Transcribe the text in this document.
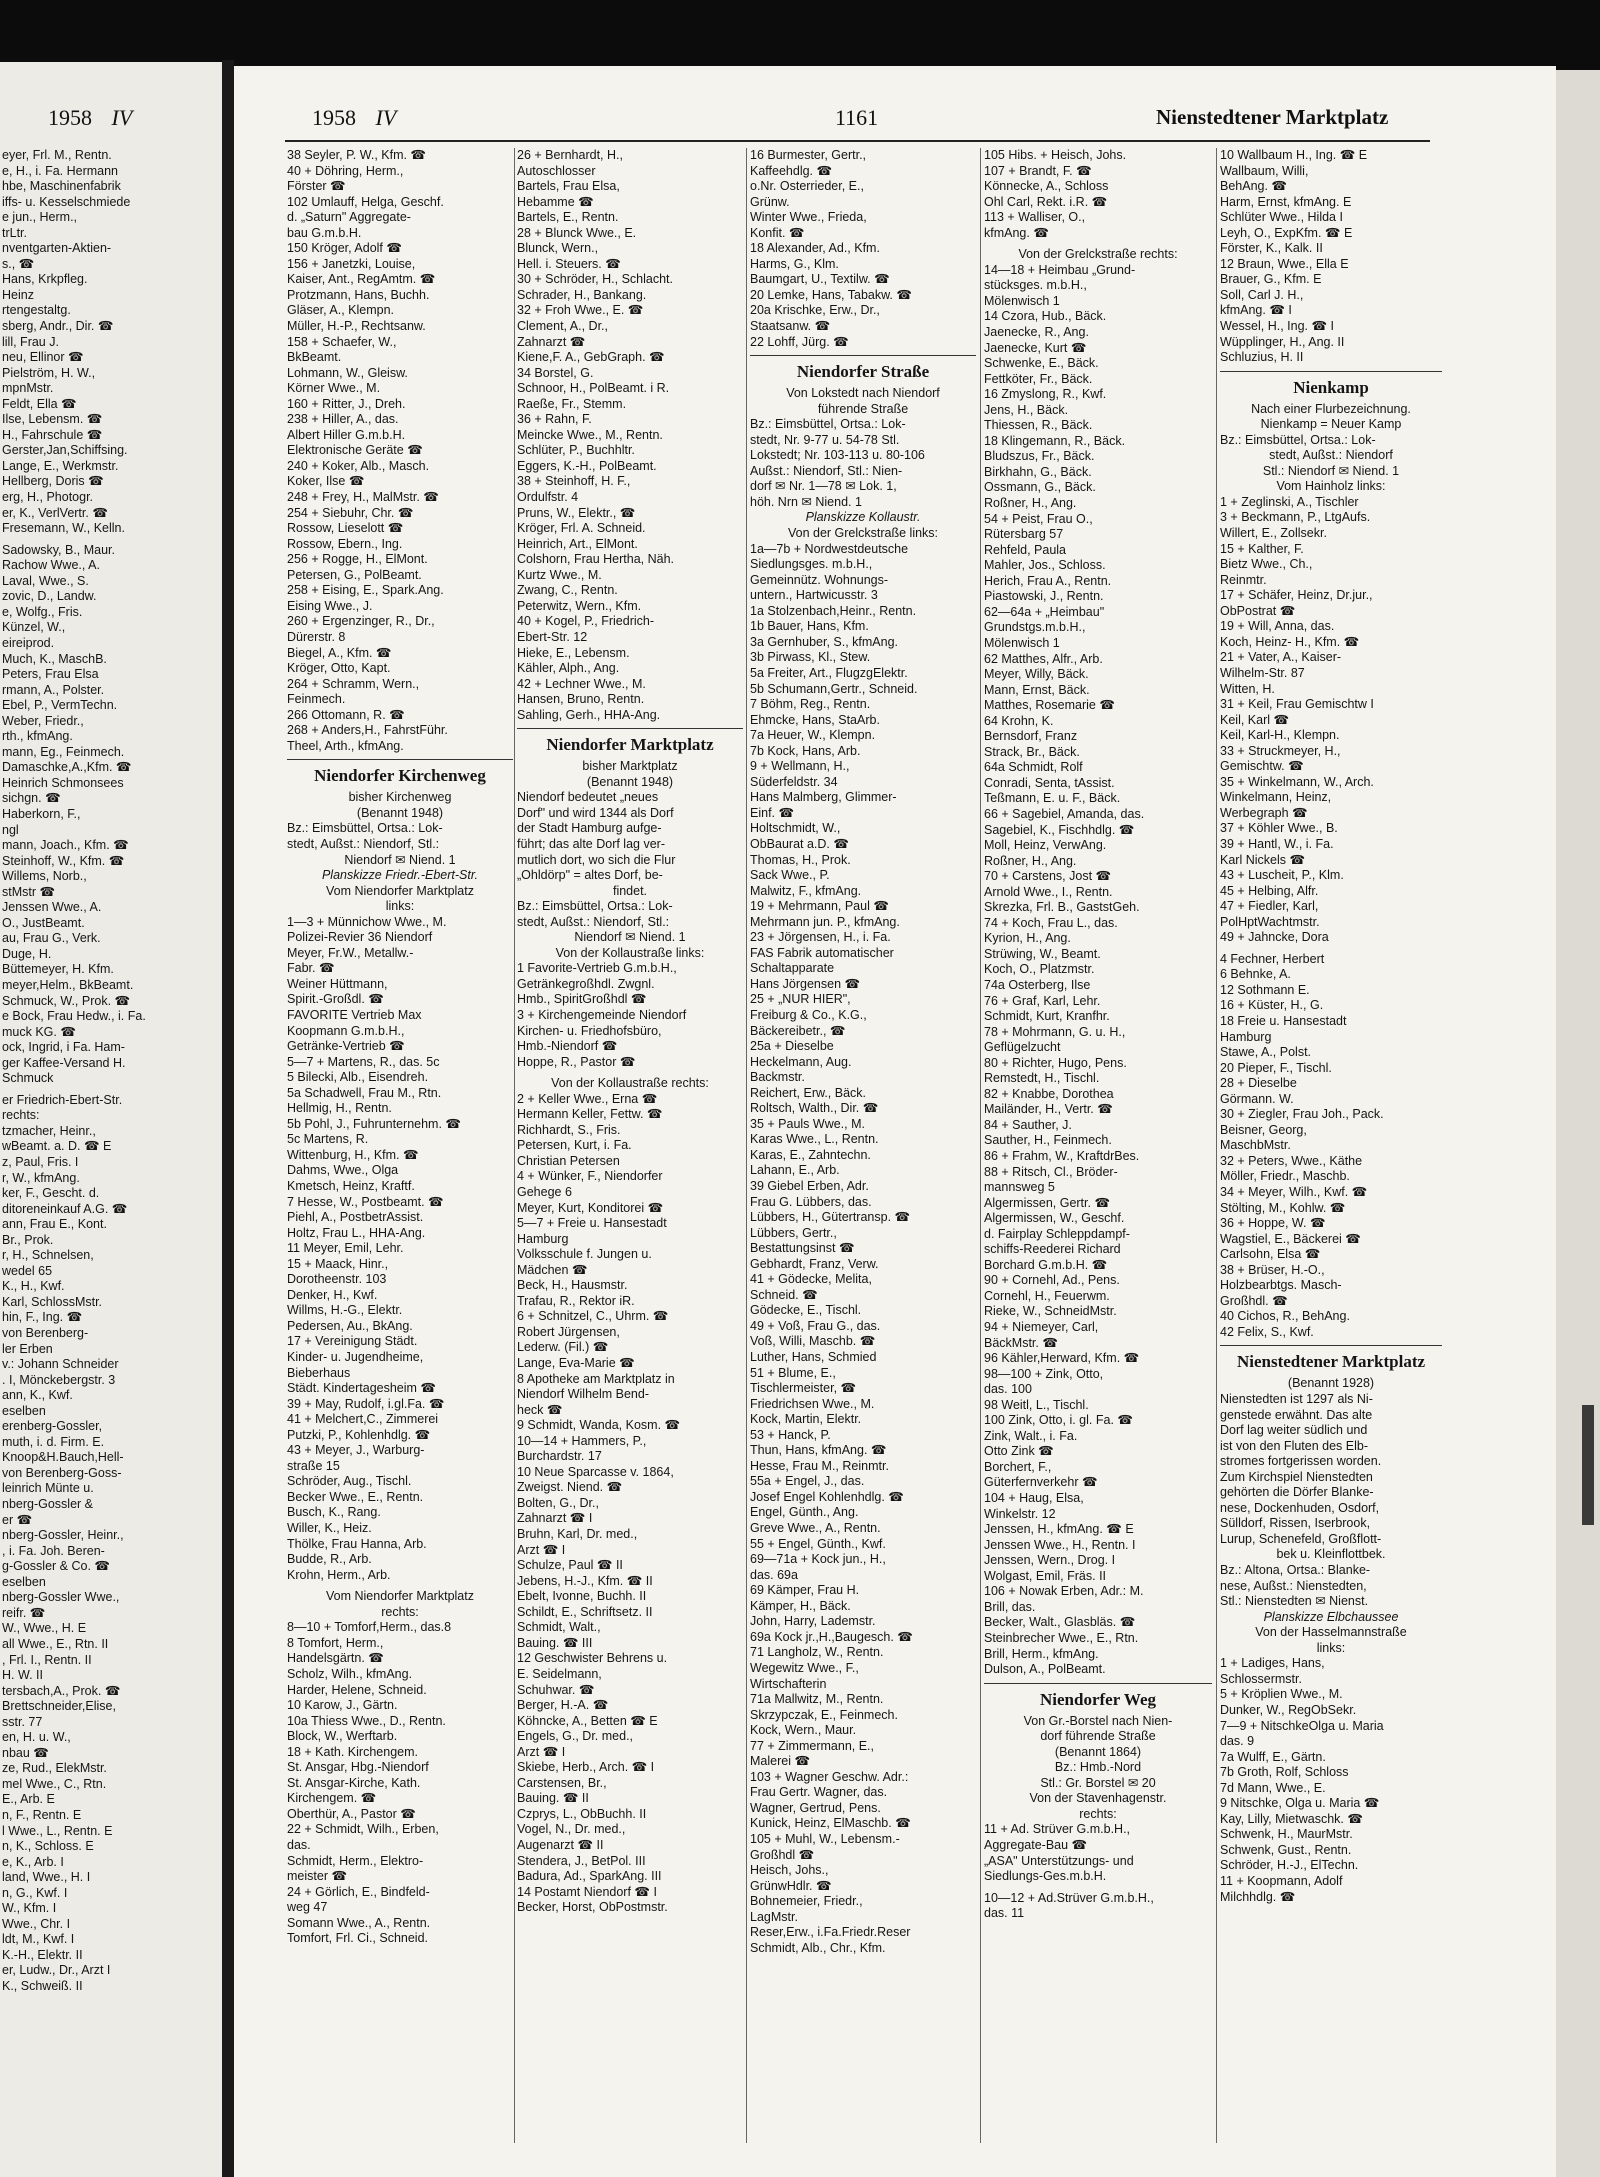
1958 IV	1958 IV	1161	Nienstedtener Marktplatz
eyer, Frl. M., Rentn.
e, H., i. Fa. Hermann
hbe, Maschinenfabrik
iffs- u. Kesselschmiede
e jun., Herm.,
trLtr.
nventgarten-Aktien-
s., ☎
Hans, Krkpfleg.
Heinz
rtengestaltg.
sberg, Andr., Dir. ☎
lill, Frau J.
neu, Ellinor ☎
Pielström, H. W.,
mpnMstr.
Feldt, Ella ☎
Ilse, Lebensm. ☎
H., Fahrschule ☎
Gerster,Jan,Schiffsing.
Lange, E., Werkmstr.
Hellberg, Doris ☎
erg, H., Photogr.
er, K., VerlVertr. ☎
Fresemann, W., Kelln.
Sadowsky, B., Maur.
Rachow Wwe., A.
Laval, Wwe., S.
zovic, D., Landw.
e, Wolfg., Fris.
Künzel, W.,
eireiprod.
Much, K., MaschB.
Peters, Frau Elsa
rmann, A., Polster.
Ebel, P., VermTechn.
Weber, Friedr.,
rth., kfmAng.
mann, Eg., Feinmech.
Damaschke,A.,Kfm. ☎
Heinrich Schmonsees
sichgn. ☎
Haberkorn, F.,
ngl
mann, Joach., Kfm. ☎
Steinhoff, W., Kfm. ☎
Willems, Norb.,
stMstr ☎
Jenssen Wwe., A.
O., JustBeamt.
au, Frau G., Verk.
Duge, H.
Büttemeyer, H. Kfm.
meyer,Helm., BkBeamt.
Schmuck, W., Prok. ☎
e Bock, Frau Hedw., i. Fa.
muck KG. ☎
ock, Ingrid, i Fa. Ham-
ger Kaffee-Versand H.
Schmuck
er Friedrich-Ebert-Str.
rechts:
tzmacher, Heinr.,
wBeamt. a. D. ☎ E
z, Paul, Fris. I
r, W., kfmAng.
ker, F., Gescht. d.
ditoreneinkauf A.G. ☎
ann, Frau E., Kont.
Br., Prok.
r, H., Schnelsen,
wedel 65
K., H., Kwf.
Karl, SchlossMstr.
hin, F., Ing. ☎
von Berenberg-
ler Erben
v.: Johann Schneider
. I, Mönckebergstr. 3
ann, K., Kwf.
eselben
erenberg-Gossler,
muth, i. d. Firm. E.
Knoop&H.Bauch,Hell-
von Berenberg-Goss-
leinrich Münte u.
nberg-Gossler &
er ☎
nberg-Gossler, Heinr.,
, i. Fa. Joh. Beren-
g-Gossler & Co. ☎
eselben
nberg-Gossler Wwe.,
reifr. ☎
W., Wwe., H. E
all Wwe., E., Rtn. II
, Frl. I., Rentn. II
H. W. II
tersbach,A., Prok. ☎
Brettschneider,Elise,
sstr. 77
en, H. u. W.,
nbau ☎
ze, Rud., ElekMstr.
mel Wwe., C., Rtn.
E., Arb. E
n, F., Rentn. E
l Wwe., L., Rentn. E
n, K., Schloss. E
e, K., Arb. I
land, Wwe., H. I
n, G., Kwf. I
W., Kfm. I
Wwe., Chr. I
ldt, M., Kwf. I
K.-H., Elektr. II
er, Ludw., Dr., Arzt I
K., Schweiß. II
38 Seyler, P. W., Kfm. ☎
40 + Döhring, Herm.,
Förster ☎
102 Umlauff, Helga, Geschf.
d. „Saturn" Aggregate-
bau G.m.b.H.
150 Kröger, Adolf ☎
156 + Janetzki, Louise,
Kaiser, Ant., RegAmtm. ☎
Protzmann, Hans, Buchh.
Gläser, A., Klempn.
Müller, H.-P., Rechtsanw.
158 + Schaefer, W.,
BkBeamt.
Lohmann, W., Gleisw.
Körner Wwe., M.
160 + Ritter, J., Dreh.
238 + Hiller, A., das.
Albert Hiller G.m.b.H.
Elektronische Geräte ☎
240 + Koker, Alb., Masch.
Koker, Ilse ☎
248 + Frey, H., MalMstr. ☎
254 + Siebuhr, Chr. ☎
Rossow, Lieselott ☎
Rossow, Ebern., Ing.
256 + Rogge, H., ElMont.
Petersen, G., PolBeamt.
258 + Eising, E., Spark.Ang.
Eising Wwe., J.
260 + Ergenzinger, R., Dr.,
Dürerstr. 8
Biegel, A., Kfm. ☎
Kröger, Otto, Kapt.
264 + Schramm, Wern.,
Feinmech.
266 Ottomann, R. ☎
268 + Anders,H., FahrstFühr.
Theel, Arth., kfmAng.
Niendorfer Kirchenweg
bisher Kirchenweg
(Benannt 1948)
Bz.: Eimsbüttel, Ortsa.: Lok-
stedt, Außst.: Niendorf, Stl.:
Niendorf ✉ Niend. 1
Planskizze Friedr.-Ebert-Str.
Vom Niendorfer Marktplatz
links:
1—3 + Münnichow Wwe., M.
Polizei-Revier 36 Niendorf
Meyer, Fr.W., Metallw.-
Fabr. ☎
Weiner Hüttmann,
Spirit.-Großdl. ☎
FAVORITE Vertrieb Max
Koopmann G.m.b.H.,
Getränke-Vertrieb ☎
5—7 + Martens, R., das. 5c
5 Bilecki, Alb., Eisendreh.
5a Schadwell, Frau M., Rtn.
Hellmig, H., Rentn.
5b Pohl, J., Fuhrunternehm. ☎
5c Martens, R.
Wittenburg, H., Kfm. ☎
Dahms, Wwe., Olga
Kmetsch, Heinz, Kraftf.
7 Hesse, W., Postbeamt. ☎
Piehl, A., PostbetrAssist.
Holtz, Frau L., HHA-Ang.
11 Meyer, Emil, Lehr.
15 + Maack, Hinr.,
Dorotheenstr. 103
Denker, H., Kwf.
Willms, H.-G., Elektr.
Pedersen, Au., BkAng.
17 + Vereinigung Städt.
Kinder- u. Jugendheime,
Bieberhaus
Städt. Kindertagesheim ☎
39 + May, Rudolf, i.gl.Fa. ☎
41 + Melchert,C., Zimmerei
Putzki, P., Kohlenhdlg. ☎
43 + Meyer, J., Warburg-
straße 15
Schröder, Aug., Tischl.
Becker Wwe., E., Rentn.
Busch, K., Rang.
Willer, K., Heiz.
Thölke, Frau Hanna, Arb.
Budde, R., Arb.
Krohn, Herm., Arb.
Vom Niendorfer Marktplatz
rechts:
8—10 + Tomforf,Herm., das.8
8 Tomfort, Herm.,
Handelsgärtn. ☎
Scholz, Wilh., kfmAng.
Harder, Helene, Schneid.
10 Karow, J., Gärtn.
10a Thiess Wwe., D., Rentn.
Block, W., Werftarb.
18 + Kath. Kirchengem.
St. Ansgar, Hbg.-Niendorf
St. Ansgar-Kirche, Kath.
Kirchengem. ☎
Oberthür, A., Pastor ☎
22 + Schmidt, Wilh., Erben,
das.
Schmidt, Herm., Elektro-
meister ☎
24 + Görlich, E., Bindfeld-
weg 47
Somann Wwe., A., Rentn.
Tomfort, Frl. Ci., Schneid.
26 + Bernhardt, H.,
Autoschlosser
Bartels, Frau Elsa,
Hebamme ☎
Bartels, E., Rentn.
28 + Blunck Wwe., E.
Blunck, Wern.,
Hell. i. Steuers. ☎
30 + Schröder, H., Schlacht.
Schrader, H., Bankang.
32 + Froh Wwe., E. ☎
Clement, A., Dr.,
Zahnarzt ☎
Kiene,F. A., GebGraph. ☎
34 Borstel, G.
Schnoor, H., PolBeamt. i R.
Raeße, Fr., Stemm.
36 + Rahn, F.
Meincke Wwe., M., Rentn.
Schlüter, P., Buchhltr.
Eggers, K.-H., PolBeamt.
38 + Steinhoff, H. F.,
Ordulfstr. 4
Pruns, W., Elektr., ☎
Kröger, Frl. A. Schneid.
Heinrich, Art., ElMont.
Colshorn, Frau Hertha, Näh.
Kurtz Wwe., M.
Zwang, C., Rentn.
Peterwitz, Wern., Kfm.
40 + Kogel, P., Friedrich-
Ebert-Str. 12
Hieke, E., Lebensm.
Kähler, Alph., Ang.
42 + Lechner Wwe., M.
Hansen, Bruno, Rentn.
Sahling, Gerh., HHA-Ang.
Niendorfer Marktplatz
bisher Marktplatz
(Benannt 1948)
Niendorf bedeutet „neues
Dorf" und wird 1344 als Dorf
der Stadt Hamburg aufge-
führt; das alte Dorf lag ver-
mutlich dort, wo sich die Flur
„Ohldörp" = altes Dorf, be-
findet.
Bz.: Eimsbüttel, Ortsa.: Lok-
stedt, Außst.: Niendorf, Stl.:
Niendorf ✉ Niend. 1
Von der Kollaustraße links:
1 Favorite-Vertrieb G.m.b.H.,
Getränkegroßhdl. Zwgnl.
Hmb., SpiritGroßhdl ☎
3 + Kirchengemeinde Niendorf
Kirchen- u. Friedhofsbüro,
Hmb.-Niendorf ☎
Hoppe, R., Pastor ☎
Von der Kollaustraße rechts:
2 + Keller Wwe., Erna ☎
Hermann Keller, Fettw. ☎
Richhardt, S., Fris.
Petersen, Kurt, i. Fa.
Christian Petersen
4 + Wünker, F., Niendorfer
Gehege 6
Meyer, Kurt, Konditorei ☎
5—7 + Freie u. Hansestadt
Hamburg
Volksschule f. Jungen u.
Mädchen ☎
Beck, H., Hausmstr.
Trafau, R., Rektor iR.
6 + Schnitzel, C., Uhrm. ☎
Robert Jürgensen,
Lederw. (Fil.) ☎
Lange, Eva-Marie ☎
8 Apotheke am Marktplatz in
Niendorf Wilhelm Bend-
heck ☎
9 Schmidt, Wanda, Kosm. ☎
10—14 + Hammers, P.,
Burchardstr. 17
10 Neue Sparcasse v. 1864,
Zweigst. Niend. ☎
Bolten, G., Dr.,
Zahnarzt ☎ I
Bruhn, Karl, Dr. med.,
Arzt ☎ I
Schulze, Paul ☎ II
Jebens, H.-J., Kfm. ☎ II
Ebelt, Ivonne, Buchh. II
Schildt, E., Schriftsetz. II
Schmidt, Walt.,
Bauing. ☎ III
12 Geschwister Behrens u.
E. Seidelmann,
Schuhwar. ☎
Berger, H.-A. ☎
Köhncke, A., Betten ☎ E
Engels, G., Dr. med.,
Arzt ☎ I
Skiebe, Herb., Arch. ☎ I
Carstensen, Br.,
Bauing. ☎ II
Czprys, L., ObBuchh. II
Vogel, N., Dr. med.,
Augenarzt ☎ II
Stendera, J., BetPol. III
Badura, Ad., SparkAng. III
14 Postamt Niendorf ☎ I
Becker, Horst, ObPostmstr.
16 Burmester, Gertr.,
Kaffeehdlg. ☎
o.Nr. Osterrieder, E.,
Grünw.
Winter Wwe., Frieda,
Konfit. ☎
18 Alexander, Ad., Kfm.
Harms, G., Klm.
Baumgart, U., Textilw. ☎
20 Lemke, Hans, Tabakw. ☎
20a Krischke, Erw., Dr.,
Staatsanw. ☎
22 Lohff, Jürg. ☎
Niendorfer Straße
Von Lokstedt nach Niendorf
führende Straße
Bz.: Eimsbüttel, Ortsa.: Lok-
stedt, Nr. 9-77 u. 54-78 Stl.
Lokstedt; Nr. 103-113 u. 80-106
Außst.: Niendorf, Stl.: Nien-
dorf ✉ Nr. 1—78 ✉ Lok. 1,
höh. Nrn ✉ Niend. 1
Planskizze Kollaustr.
Von der Grelckstraße links:
1a—7b + Nordwestdeutsche
Siedlungsges. m.b.H.,
Gemeinnütz. Wohnungs-
untern., Hartwicusstr. 3
1a Stolzenbach,Heinr., Rentn.
1b Bauer, Hans, Kfm.
3a Gernhuber, S., kfmAng.
3b Pirwass, Kl., Stew.
5a Freiter, Art., FlugzgElektr.
5b Schumann,Gertr., Schneid.
7 Böhm, Reg., Rentn.
Ehmcke, Hans, StaArb.
7a Heuer, W., Klempn.
7b Kock, Hans, Arb.
9 + Wellmann, H.,
Süderfeldstr. 34
Hans Malmberg, Glimmer-
Einf. ☎
Holtschmidt, W.,
ObBaurat a.D. ☎
Thomas, H., Prok.
Sack Wwe., P.
Malwitz, F., kfmAng.
19 + Mehrmann, Paul ☎
Mehrmann jun. P., kfmAng.
23 + Jörgensen, H., i. Fa.
FAS Fabrik automatischer
Schaltapparate
Hans Jörgensen ☎
25 + „NUR HIER",
Freiburg & Co., K.G.,
Bäckereibetr., ☎
25a + Dieselbe
Heckelmann, Aug.
Backmstr.
Reichert, Erw., Bäck.
Roltsch, Walth., Dir. ☎
35 + Pauls Wwe., M.
Karas Wwe., L., Rentn.
Karas, E., Zahntechn.
Lahann, E., Arb.
39 Giebel Erben, Adr.
Frau G. Lübbers, das.
Lübbers, H., Gütertransp. ☎
Lübbers, Gertr.,
Bestattungsinst ☎
Gebhardt, Franz, Verw.
41 + Gödecke, Melita,
Schneid. ☎
Gödecke, E., Tischl.
49 + Voß, Frau G., das.
Voß, Willi, Maschb. ☎
Luther, Hans, Schmied
51 + Blume, E.,
Tischlermeister, ☎
Friedrichsen Wwe., M.
Kock, Martin, Elektr.
53 + Hanck, P.
Thun, Hans, kfmAng. ☎
Hesse, Frau M., Reinmtr.
55a + Engel, J., das.
Josef Engel Kohlenhdlg. ☎
Engel, Günth., Ang.
Greve Wwe., A., Rentn.
55 + Engel, Günth., Kwf.
69—71a + Kock jun., H.,
das. 69a
69 Kämper, Frau H.
Kämper, H., Bäck.
John, Harry, Lademstr.
69a Kock jr.,H.,Baugesch. ☎
71 Langholz, W., Rentn.
Wegewitz Wwe., F.,
Wirtschafterin
71a Mallwitz, M., Rentn.
Skrzypczak, E., Feinmech.
Kock, Wern., Maur.
77 + Zimmermann, E.,
Malerei ☎
103 + Wagner Geschw. Adr.:
Frau Gertr. Wagner, das.
Wagner, Gertrud, Pens.
Kunick, Heinz, ElMaschb. ☎
105 + Muhl, W., Lebensm.-
Großhdl ☎
Heisch, Johs.,
GrünwHdlr. ☎
Bohnemeier, Friedr.,
LagMstr.
Reser,Erw., i.Fa.Friedr.Reser
Schmidt, Alb., Chr., Kfm.
105 Hibs. + Heisch, Johs.
107 + Brandt, F. ☎
Könnecke, A., Schloss
Ohl Carl, Rekt. i.R. ☎
113 + Walliser, O.,
kfmAng. ☎
Von der Grelckstraße rechts:
14—18 + Heimbau „Grund-
stücksges. m.b.H.,
Mölenwisch 1
14 Czora, Hub., Bäck.
Jaenecke, R., Ang.
Jaenecke, Kurt ☎
Schwenke, E., Bäck.
Fettköter, Fr., Bäck.
16 Zmyslong, R., Kwf.
Jens, H., Bäck.
Thiessen, R., Bäck.
18 Klingemann, R., Bäck.
Bludszus, Fr., Bäck.
Birkhahn, G., Bäck.
Ossmann, G., Bäck.
Roßner, H., Ang.
54 + Peist, Frau O.,
Rütersbarg 57
Rehfeld, Paula
Mahler, Jos., Schloss.
Herich, Frau A., Rentn.
Piastowski, J., Rentn.
62—64a + „Heimbau"
Grundstgs.m.b.H.,
Mölenwisch 1
62 Matthes, Alfr., Arb.
Meyer, Willy, Bäck.
Mann, Ernst, Bäck.
Matthes, Rosemarie ☎
64 Krohn, K.
Bernsdorf, Franz
Strack, Br., Bäck.
64a Schmidt, Rolf
Conradi, Senta, tAssist.
Teßmann, E. u. F., Bäck.
66 + Sagebiel, Amanda, das.
Sagebiel, K., Fischhdlg. ☎
Moll, Heinz, VerwAng.
Roßner, H., Ang.
70 + Carstens, Jost ☎
Arnold Wwe., I., Rentn.
Skrezka, Frl. B., GaststGeh.
74 + Koch, Frau L., das.
Kyrion, H., Ang.
Strüwing, W., Beamt.
Koch, O., Platzmstr.
74a Osterberg, Ilse
76 + Graf, Karl, Lehr.
Schmidt, Kurt, Kranfhr.
78 + Mohrmann, G. u. H.,
Geflügelzucht
80 + Richter, Hugo, Pens.
Remstedt, H., Tischl.
82 + Knabbe, Dorothea
Mailänder, H., Vertr. ☎
84 + Sauther, J.
Sauther, H., Feinmech.
86 + Frahm, W., KraftdrBes.
88 + Ritsch, Cl., Bröder-
mannsweg 5
Algermissen, Gertr. ☎
Algermissen, W., Geschf.
d. Fairplay Schleppdampf-
schiffs-Reederei Richard
Borchard G.m.b.H. ☎
90 + Cornehl, Ad., Pens.
Cornehl, H., Feuerwm.
Rieke, W., SchneidMstr.
94 + Niemeyer, Carl,
BäckMstr. ☎
96 Kähler,Herward, Kfm. ☎
98—100 + Zink, Otto,
das. 100
98 Weitl, L., Tischl.
100 Zink, Otto, i. gl. Fa. ☎
Zink, Walt., i. Fa.
Otto Zink ☎
Borchert, F.,
Güterfernverkehr ☎
104 + Haug, Elsa,
Winkelstr. 12
Jenssen, H., kfmAng. ☎ E
Jenssen Wwe., H., Rentn. I
Jenssen, Wern., Drog. I
Wolgast, Emil, Fräs. II
106 + Nowak Erben, Adr.: M.
Brill, das.
Becker, Walt., Glasbläs. ☎
Steinbrecher Wwe., E., Rtn.
Brill, Herm., kfmAng.
Dulson, A., PolBeamt.
Niendorfer Weg
Von Gr.-Borstel nach Nien-
dorf führende Straße
(Benannt 1864)
Bz.: Hmb.-Nord
Stl.: Gr. Borstel ✉ 20
Von der Stavenhagenstr.
rechts:
11 + Ad. Strüver G.m.b.H.,
Aggregate-Bau ☎
„ASA" Unterstützungs- und
Siedlungs-Ges.m.b.H.
10—12 + Ad.Strüver G.m.b.H.,
das. 11
10 Wallbaum H., Ing. ☎ E
Wallbaum, Willi,
BehAng. ☎
Harm, Ernst, kfmAng. E
Schlüter Wwe., Hilda I
Leyh, O., ExpKfm. ☎ E
Förster, K., Kalk. II
12 Braun, Wwe., Ella E
Brauer, G., Kfm. E
Soll, Carl J. H.,
kfmAng. ☎ I
Wessel, H., Ing. ☎ I
Wüpplinger, H., Ang. II
Schluzius, H. II
Nienkamp
Nach einer Flurbezeichnung.
Nienkamp = Neuer Kamp
Bz.: Eimsbüttel, Ortsa.: Lok-
stedt, Außst.: Niendorf
Stl.: Niendorf ✉ Niend. 1
Vom Hainholz links:
1 + Zeglinski, A., Tischler
3 + Beckmann, P., LtgAufs.
Willert, E., Zollsekr.
15 + Kalther, F.
Bietz Wwe., Ch.,
Reinmtr.
17 + Schäfer, Heinz, Dr.jur.,
ObPostrat ☎
19 + Will, Anna, das.
Koch, Heinz- H., Kfm. ☎
21 + Vater, A., Kaiser-
Wilhelm-Str. 87
Witten, H.
31 + Keil, Frau Gemischtw I
Keil, Karl ☎
Keil, Karl-H., Klempn.
33 + Struckmeyer, H.,
Gemischtw. ☎
35 + Winkelmann, W., Arch.
Winkelmann, Heinz,
Werbegraph ☎
37 + Köhler Wwe., B.
39 + Hantl, W., i. Fa.
Karl Nickels ☎
43 + Luscheit, P., Klm.
45 + Helbing, Alfr.
47 + Fiedler, Karl,
PolHptWachtmstr.
49 + Jahncke, Dora
4 Fechner, Herbert
6 Behnke, A.
12 Sothmann E.
16 + Küster, H., G.
18 Freie u. Hansestadt
Hamburg
Stawe, A., Polst.
20 Pieper, F., Tischl.
28 + Dieselbe
Görmann. W.
30 + Ziegler, Frau Joh., Pack.
Beisner, Georg,
MaschbMstr.
32 + Peters, Wwe., Käthe
Möller, Friedr., Maschb.
34 + Meyer, Wilh., Kwf. ☎
Stölting, M., Kohlw. ☎
36 + Hoppe, W. ☎
Wagstiel, E., Bäckerei ☎
Carlsohn, Elsa ☎
38 + Brüser, H.-O.,
Holzbearbtgs. Masch-
Großhdl. ☎
40 Cichos, R., BehAng.
42 Felix, S., Kwf.
Nienstedtener Marktplatz
(Benannt 1928)
Nienstedten ist 1297 als Ni-
genstede erwähnt. Das alte
Dorf lag weiter südlich und
ist von den Fluten des Elb-
stromes fortgerissen worden.
Zum Kirchspiel Nienstedten
gehörten die Dörfer Blanke-
nese, Dockenhuden, Osdorf,
Sülldorf, Rissen, Iserbrook,
Lurup, Schenefeld, Großflott-
bek u. Kleinflottbek.
Bz.: Altona, Ortsa.: Blanke-
nese, Außst.: Nienstedten,
Stl.: Nienstedten ✉ Nienst.
Planskizze Elbchaussee
Von der Hasselmannstraße
links:
1 + Ladiges, Hans,
Schlossermstr.
5 + Kröplien Wwe., M.
Dunker, W., RegObSekr.
7—9 + NitschkeOlga u. Maria
das. 9
7a Wulff, E., Gärtn.
7b Groth, Rolf, Schloss
7d Mann, Wwe., E.
9 Nitschke, Olga u. Maria ☎
Kay, Lilly, Mietwaschk. ☎
Schwenk, H., MaurMstr.
Schwenk, Gust., Rentn.
Schröder, H.-J., ElTechn.
11 + Koopmann, Adolf
Milchhdlg. ☎
